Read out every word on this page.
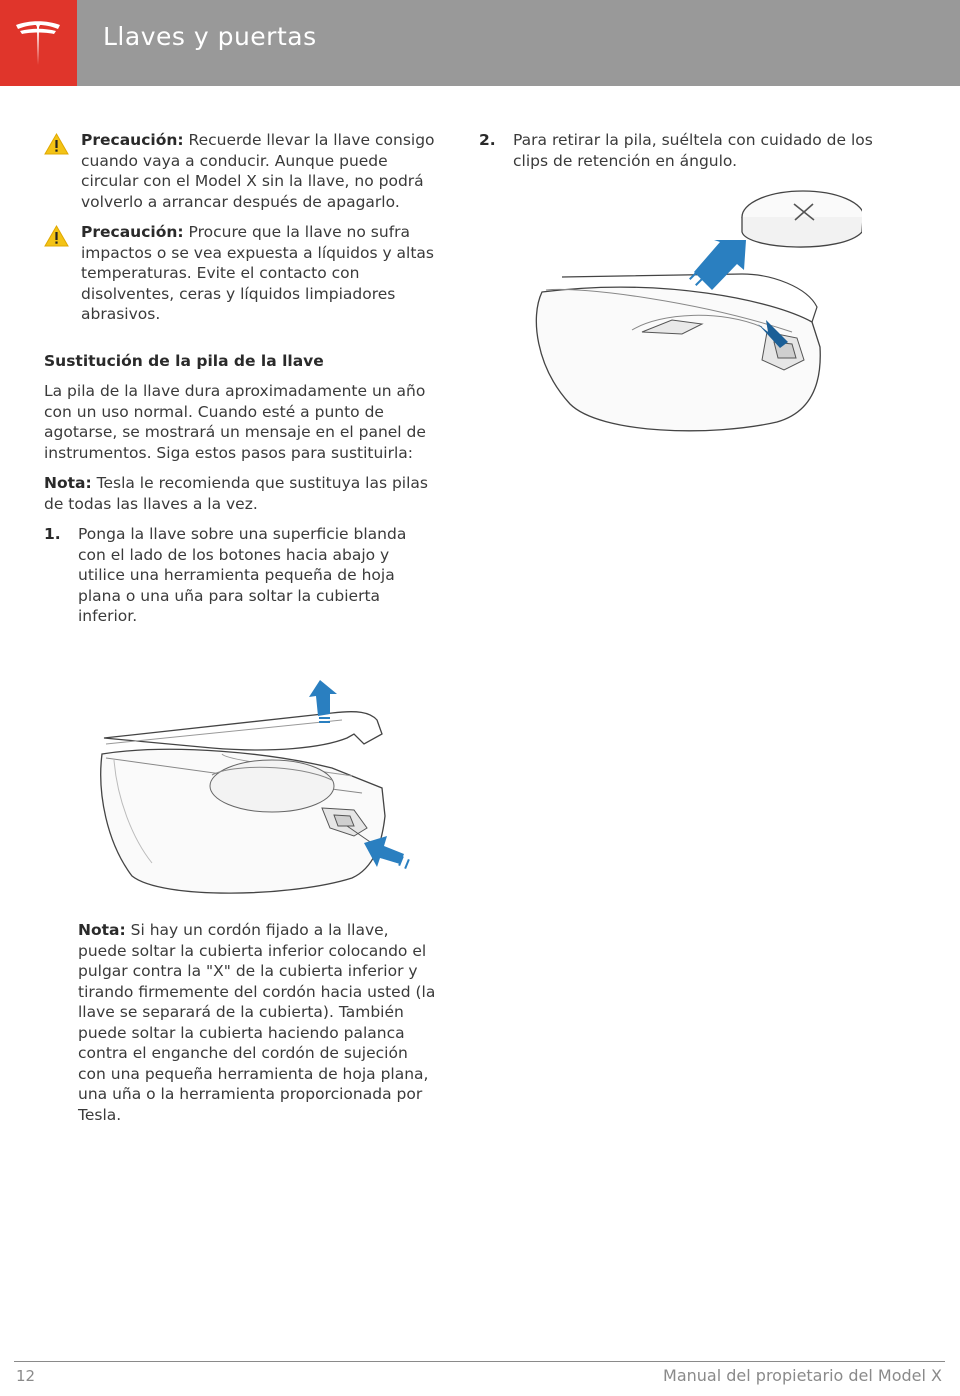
Llaves y puertas

Precaución: Recuerde llevar la llave consigo cuando vaya a conducir. Aunque puede circular con el Model X sin la llave, no podrá volverlo a arrancar después de apagarlo.

Precaución: Procure que la llave no sufra impactos o se vea expuesta a líquidos y altas temperaturas. Evite el contacto con disolventes, ceras y líquidos limpiadores abrasivos.

Sustitución de la pila de la llave

La pila de la llave dura aproximadamente un año con un uso normal. Cuando esté a punto de agotarse, se mostrará un mensaje en el panel de instrumentos. Siga estos pasos para sustituirla:

Nota: Tesla le recomienda que sustituya las pilas de todas las llaves a la vez.

1. Ponga la llave sobre una superficie blanda con el lado de los botones hacia abajo y utilice una herramienta pequeña de hoja plana o una uña para soltar la cubierta inferior.

Nota: Si hay un cordón fijado a la llave, puede soltar la cubierta inferior colocando el pulgar contra la "X" de la cubierta inferior y tirando firmemente del cordón hacia usted (la llave se separará de la cubierta). También puede soltar la cubierta haciendo palanca contra el enganche del cordón de sujeción con una pequeña herramienta de hoja plana, una uña o la herramienta proporcionada por Tesla.

2. Para retirar la pila, suéltela con cuidado de los clips de retención en ángulo.

12	Manual del propietario del Model X
